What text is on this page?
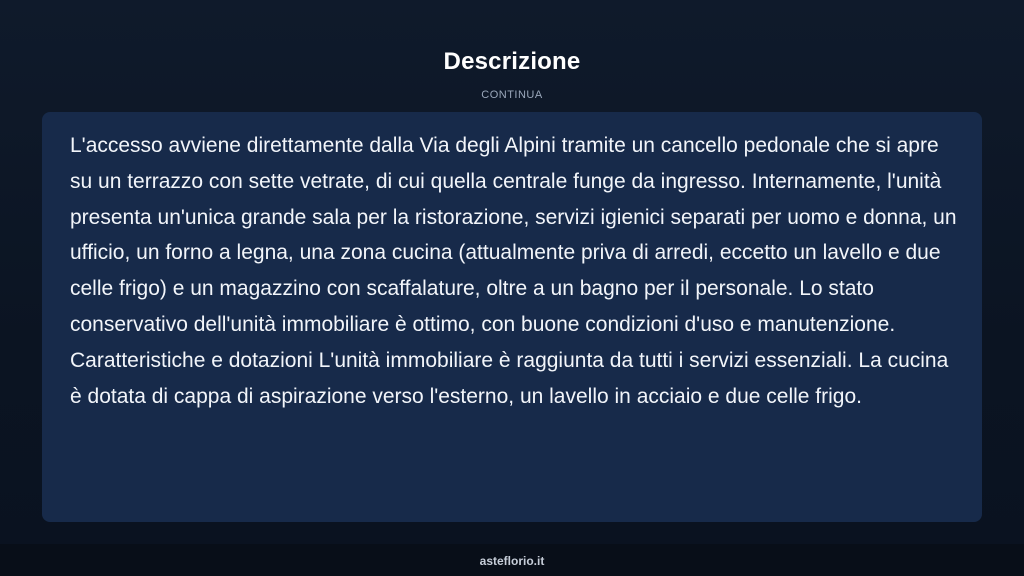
Descrizione
CONTINUA
L'accesso avviene direttamente dalla Via degli Alpini tramite un cancello pedonale che si apre su un terrazzo con sette vetrate, di cui quella centrale funge da ingresso. Internamente, l'unità presenta un'unica grande sala per la ristorazione, servizi igienici separati per uomo e donna, un ufficio, un forno a legna, una zona cucina (attualmente priva di arredi, eccetto un lavello e due celle frigo) e un magazzino con scaffalature, oltre a un bagno per il personale. Lo stato conservativo dell'unità immobiliare è ottimo, con buone condizioni d'uso e manutenzione. Caratteristiche e dotazioni L'unità immobiliare è raggiunta da tutti i servizi essenziali. La cucina è dotata di cappa di aspirazione verso l'esterno, un lavello in acciaio e due celle frigo.
asteflorio.it
